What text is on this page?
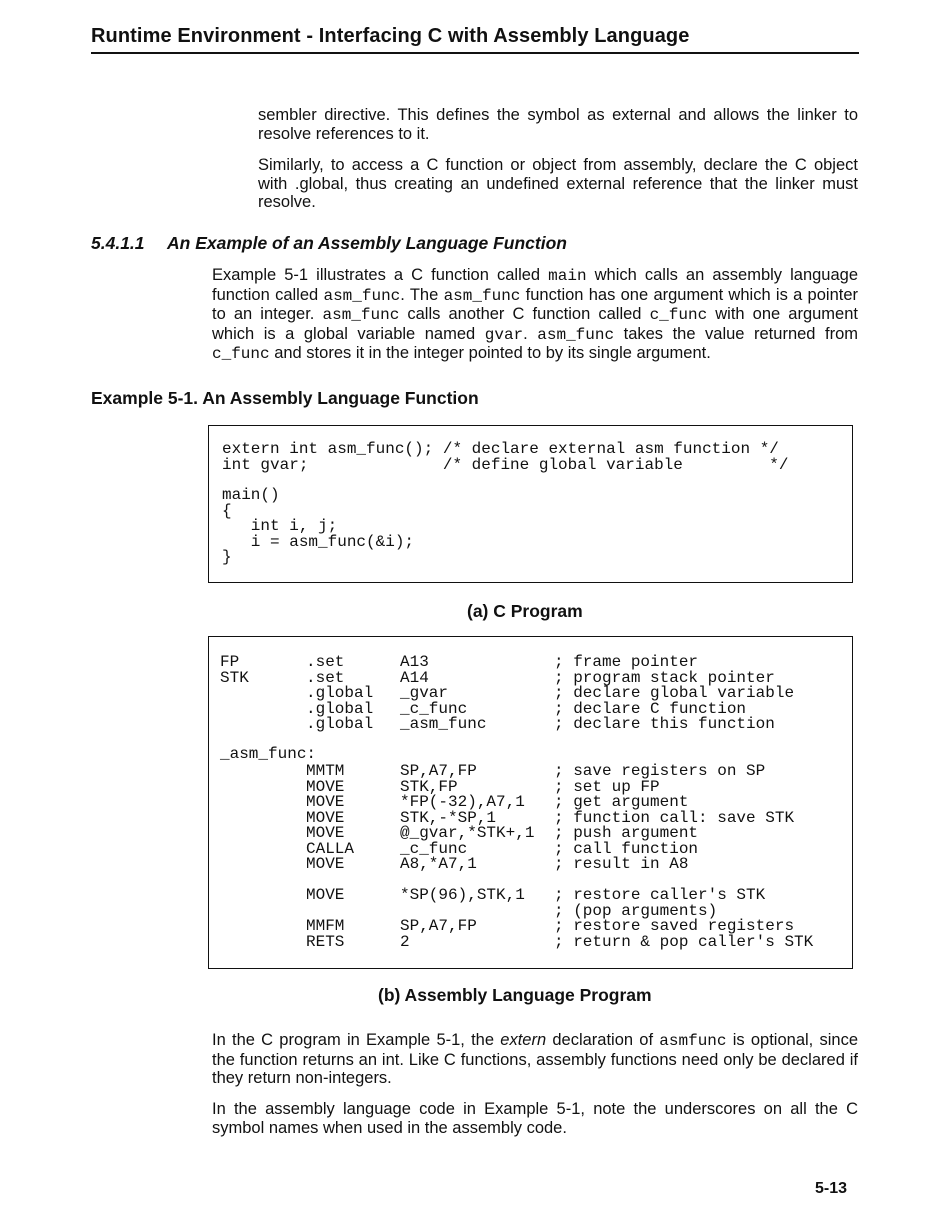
Runtime Environment - Interfacing C with Assembly Language

sembler directive. This defines the symbol as external and allows the linker to resolve references to it.

Similarly, to access a C function or object from assembly, declare the C object with .global, thus creating an undefined external reference that the linker must resolve.

5.4.1.1 An Example of an Assembly Language Function

Example 5-1 illustrates a C function called main which calls an assembly language function called asm_func. The asm_func function has one argument which is a pointer to an integer. asm_func calls another C function called c_func with one argument which is a global variable named gvar. asm_func takes the value returned from c_func and stores it in the integer pointed to by its single argument.

Example 5-1. An Assembly Language Function
extern int asm_func(); /* declare external asm function */
int gvar;              /* define global variable         */
main()
{
int i, j;
i = asm_func(&i);
}

(a) C Program

FP	.set	A13	; frame pointer

STK	.set	A14	; program stack pointer

.global _gvar	; declare global variable

.global _c_func	; declare C function

.global _asm_func	; declare this function

_asm_func:

MMTM	SP,A7,FP	; save registers on SP

MOVE	STK,FP	; set up FP

MOVE	*FP(-32),A7,1 ; get argument

MOVE	STK,-*SP,1	; function call: save STK

MOVE	@_gvar,*STK+,1 ; push argument

CALLA	_c_func	; call function

MOVE	A8,*A7,1	; result in A8

MOVE	*SP(96),STK,1 ; restore caller's STK

; (pop arguments)

MMFM	SP,A7,FP	; restore saved registers

RETS	2	; return & pop caller's STK

(b) Assembly Language Program

In the C program in Example 5-1, the extern declaration of asmfunc is optional, since the function returns an int. Like C functions, assembly functions need only be declared if they return non-integers.

In the assembly language code in Example 5-1, note the underscores on all the C symbol names when used in the assembly code.

5-13
